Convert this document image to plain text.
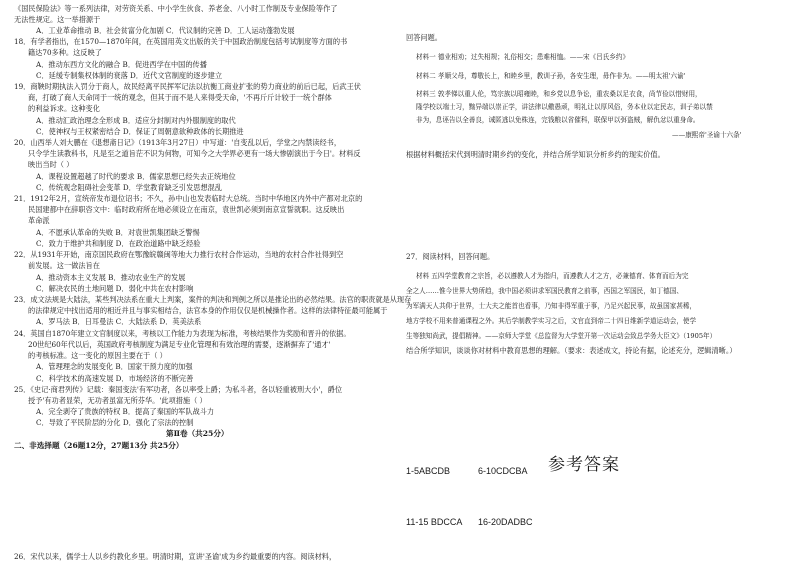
《国民保险法》等一系列法律，对劳资关系、中小学生伙食、养老金、八小时工作制及专业保险等作了
无法性规定。这一举措源于
A．工业革命推动 B．社会贫富分化加剧 C．代议制的完善 D．工人运动蓬勃发展
18．有学者指出，在1570—1870年间，在英国用英文出版的关于中国政治制度包括考试制度等方面的书
籍达70多种。这反映了
A．推动东西方文化的融合 B．促进西学在中国的传播
C．延缓专制集权体制的衰落 D．近代文官制度的逐步建立
19．商鞅时期执法入罚分于商人，故民经离平民挥军记法以抗衡工商业扩张的势力商业的前后已起，后武王伏
商，打破了商人天命同于一统的观念，但其于而不是人来得受天命，'不再斤斤计较于一统个群体
的利益诉求。这种变化
A．推动汇政治理念全形成 B．适应分封制对内外服制度的取代
C．使神权与王权紧密结合 D．保证了周朝意欲种政体的长期推进
20．山西举人刘大鹏在《退想斋日记》（1913年3月27日）中写道：'自变乱以后，学堂之内禁读经书，
只令学生读教科书，凡是至之道旨茫不识为何物，可知今之大学界必更有一场大惨剧演出于今日'。材料反
映出当时（ ）
A．课程设置超越了时代的要求 B．儒家思想已经失去正统地位
C．传统观念阻碍社会变革 D．学堂教育缺乏引发思想混乱
21．1912年2月，宣统帝发布退位诏书；不久，孙中山也发表临时大总统。当时中华地区内外中产都对北京的
民国建都中在辞职咨文中：临时政府所在地必须设立在南京，袁世凯必须到南京宣誓就职。这反映出
革命派
A．不愿承认革命的失败 B．对袁世凯集团缺乏警惕
C．致力于维护共和制度 D．在政治道路中缺乏经验
22．从1931年开始，南京国民政府在鄂豫皖赣闽等地大力推行农村合作运动，当地的农村合作社得到空
前发展。这一做法旨在
A．推动资本主义发展 B．推动农业生产的发展
C．解决农民的土地问题 D．弱化中共在农村影响
23．成文法规是大陆法，某些判决法系在重大上判案，案件的判决和判例之所以是推论出的必然结果。法官的职责就是从现存
的法律规定中找出适用的相近并且与事实相结合，法官本身的作用仅仅是机械操作者。这样的法律特征最可能属于
A．罗马法 B．日耳曼法 C．大陆法系 D．英美法系
24．英国自1870年建立文官制度以来，考核以工作能力为表现为标准，考核结果作为奖励和晋升的依据。
20世纪60年代以后，英国政府考核制度为满足专业化管理和有效治理的需要，逐渐摒弃了'通才'
的考核标准。这一变化的原因主要在于（ ）
A．管理理念的发展变化 B．国家干预力度的加强
C．科学技术的高速发展 D．市场经济的不断完善
25．《史记·商君列传》记载：秦国变法'有军功者，各以率受上爵；为私斗者，各以轻重被刑大小'，爵位
授予'有功者显荣，无功者虽富无所芬华。'此项措施（ ）
A．完全剥夺了贵族的特权 B．提高了秦国的军队战斗力
C．导致了平民阶层的分化 D．强化了宗法的控制
第Ⅱ卷（共25分）
二、非选择题（26题12分，27题13分 共25分）
26．宋代以来，儒学士人以乡约教化乡里。明清时期，宣讲'圣谕'成为乡约最重要的内容。阅读材料，
回答问题。
材料一 德业相劝；过失相规；礼俗相交；患难相恤。——宋《吕氏乡约》
材料二 孝顺父母，尊敬长上，和睦乡里，教训子孙，各安生理，毋作非为。——明太祖'六谕'
材料三 敦孝悌以重人伦，笃宗族以昭雍睦，和乡党以息争讼，重农桑以足衣食，尚节俭以惜财用，
隆学校以端士习，黜异端以崇正学，讲法律以儆愚顽，明礼让以厚风俗，务本业以定民志，训子弟以禁
非为，息诬告以全善良，诫匿逃以免株连，完钱粮以省催科，联保甲以弭盗贼，解仇忿以重身命。
——康熙帝'圣谕十六条'
根据材料概括宋代到明清时期乡约的变化，并结合所学知识分析乡约的现实价值。
27．阅读材料，回答问题。
材料 五四学堂教育之宗旨，必以遵教人才为指归，而遵教人才之方，必兼德育、体育而后为完
全之人……惟今世界大势所趋，我中国必须讲求军国民教育之前事，西国之军国民，如丁德国、
为军满天人共仰于世界，士大夫之能首也看事，乃知非得军重于事，乃足兴起民事，故虽国家甚稀，
地方学校不用来普通课程之外。其后学制教学实习之后，文官直到帝二十四日维新学道运动会，使学
生等独知尚武，提倡精神。——京师大学堂《总监督为大学堂开第一次运动会致总学务大臣文》（1905年）
结合所学知识，谈谈你对材料中教育思想的理解。（要求：表述成文，持论有据，论述充分，逻辑清晰。）
参考答案
1-5ABCDB	6-10CDCBA
11-15 BDCCA 16-20DADBC
